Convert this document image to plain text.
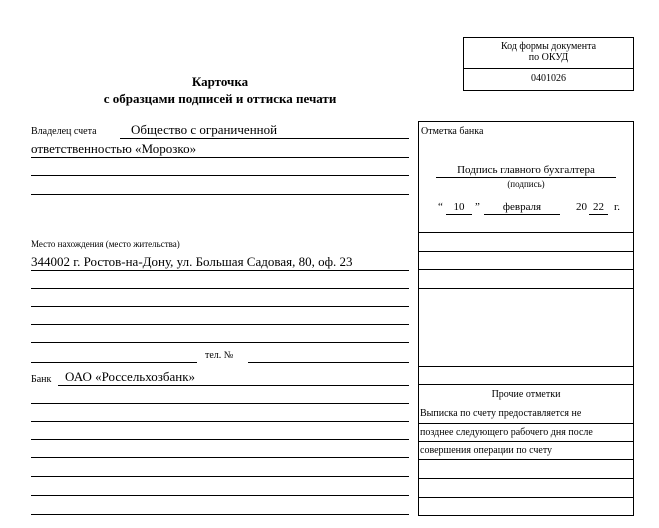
Код формы документа
по ОКУД
0401026
Карточка
с образцами подписей и оттиска печати
Владелец счета	Общество с ограниченной
ответственностью «Морозко»
Место нахождения (место жительства)
344002 г. Ростов-на-Дону, ул. Большая Садовая, 80, оф. 23
тел. №
Банк ОАО «Россельхозбанк»
Отметка банка
Подпись главного бухгалтера
(подпись)
“ 10 ”	февраля	20 22 г.
Прочие отметки
Выписка по счету предоставляется не
позднее следующего рабочего дня после
совершения операции по счету
